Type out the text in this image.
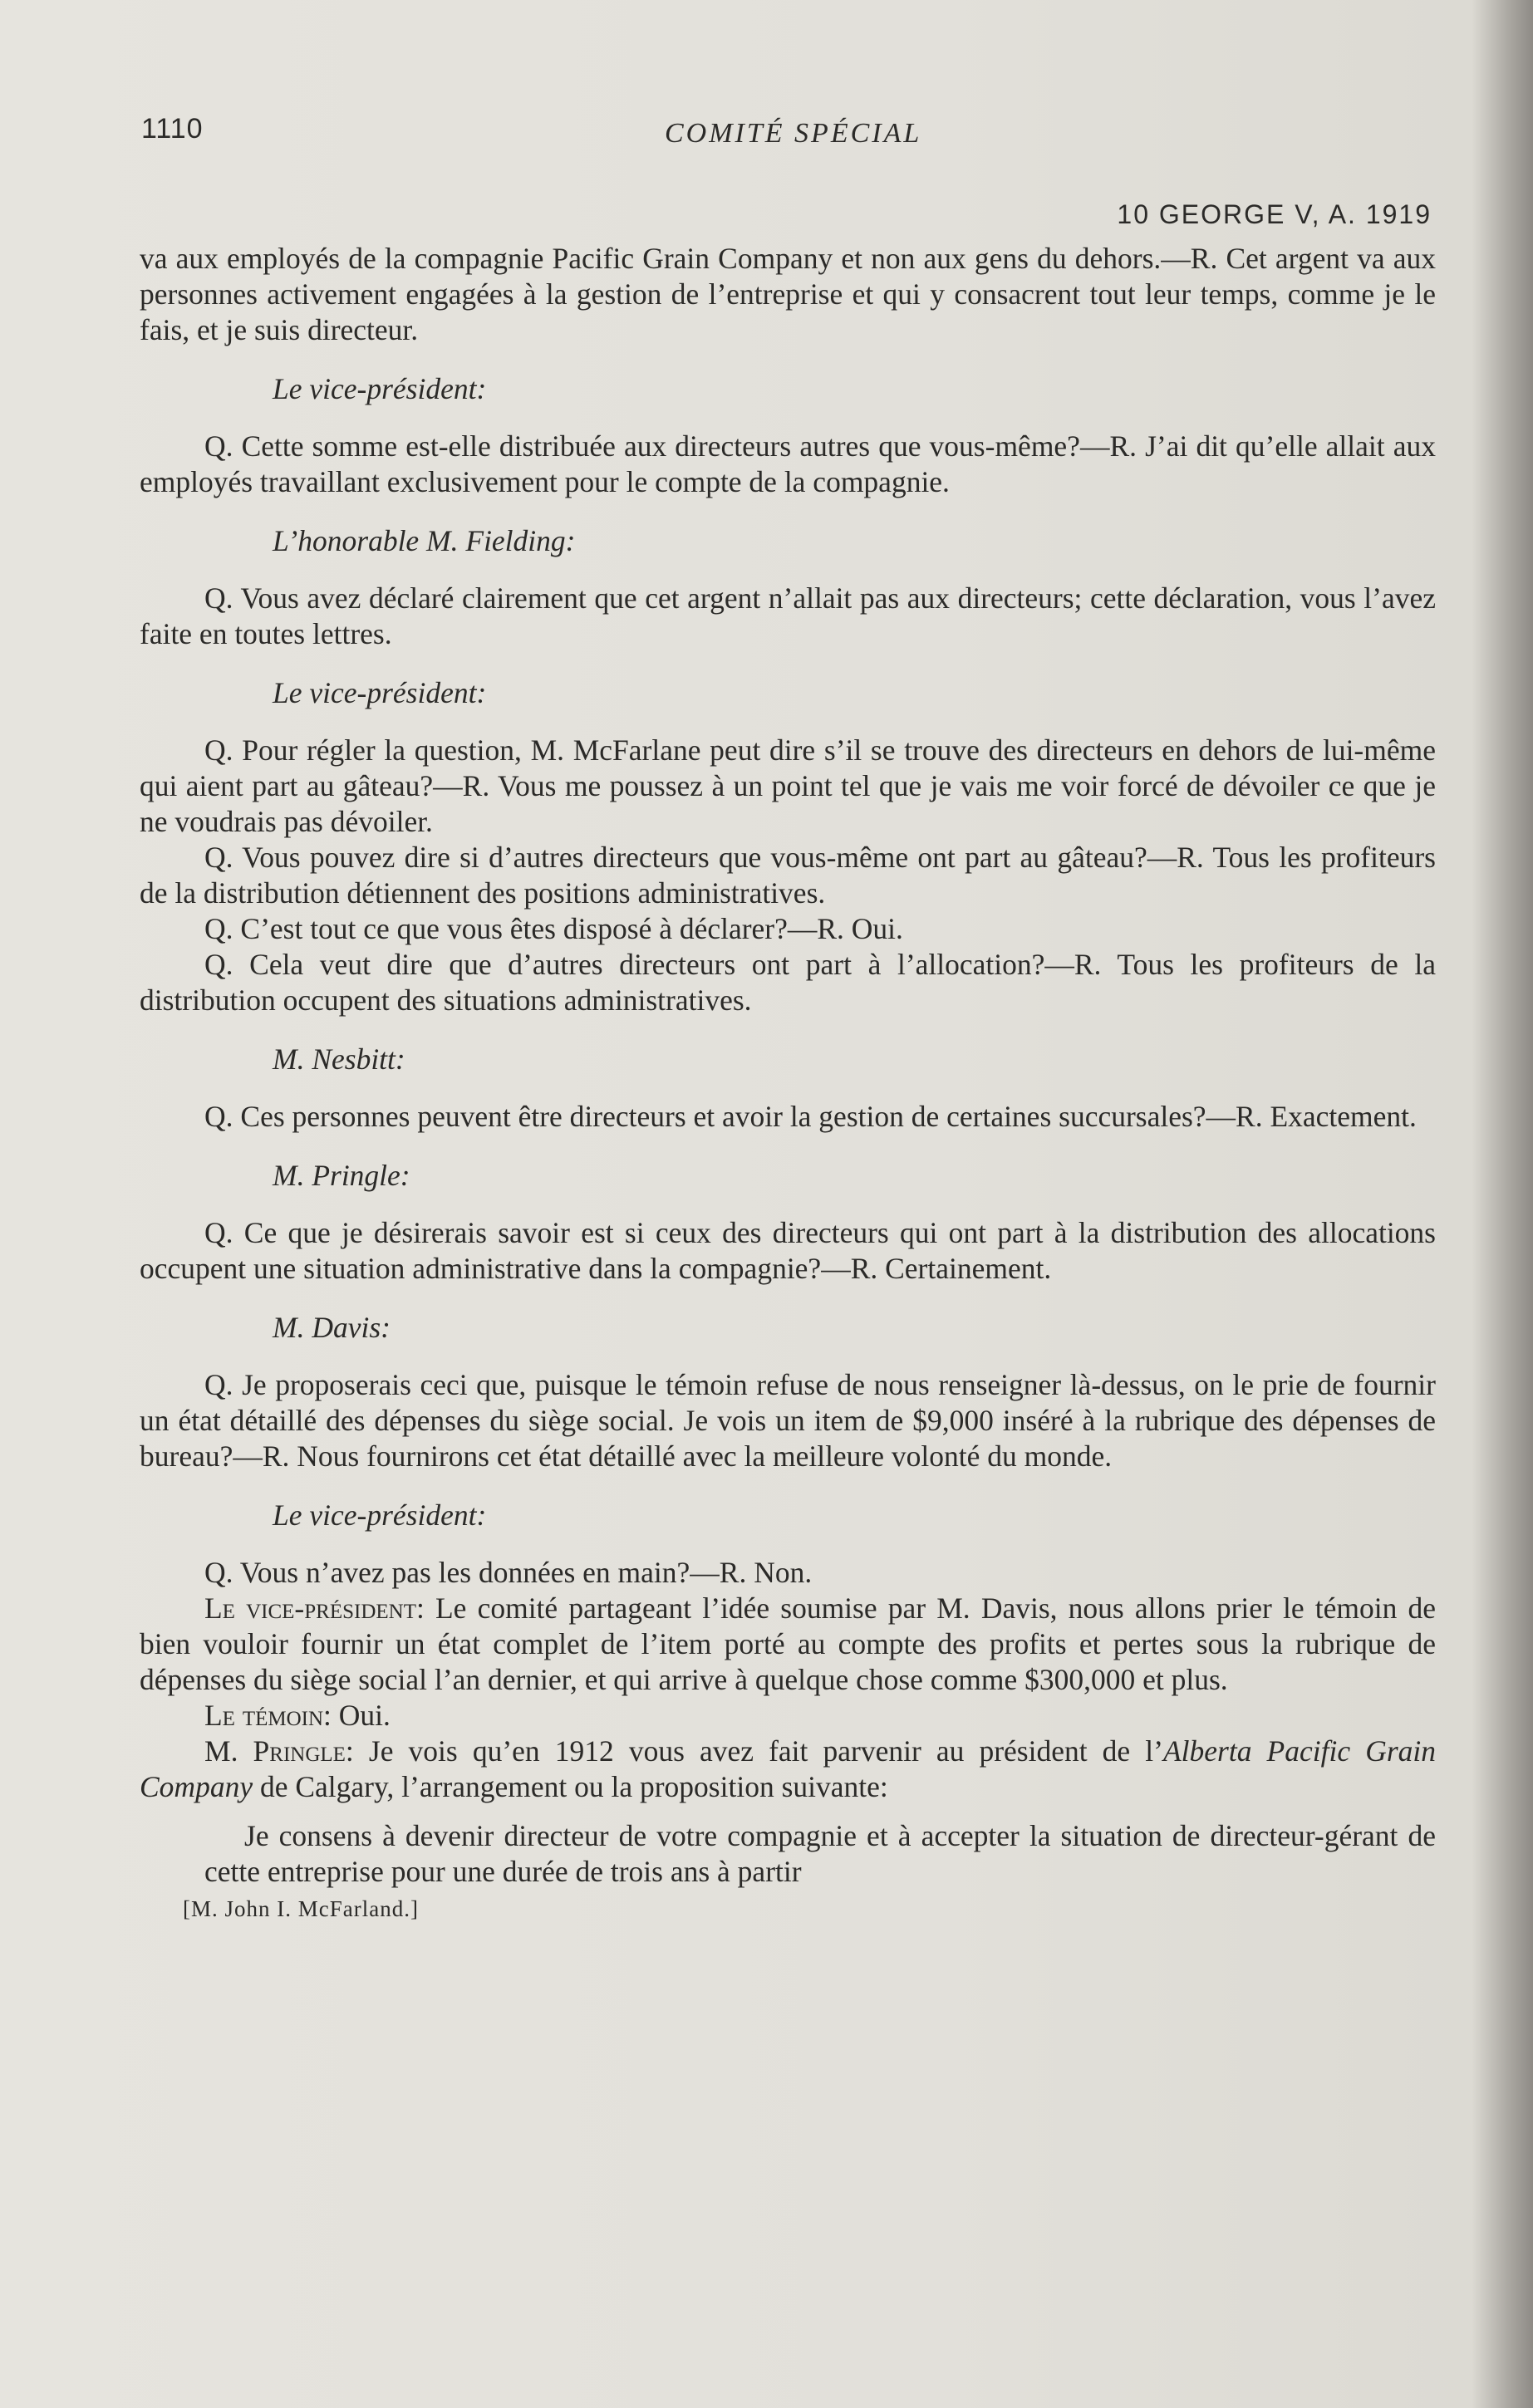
1110	COMITÉ SPÉCIAL
10 GEORGE V, A. 1919

va aux employés de la compagnie Pacific Grain Company et non aux gens du dehors.—R. Cet argent va aux personnes activement engagées à la gestion de l’entreprise et qui y consacrent tout leur temps, comme je le fais, et je suis directeur.

Le vice-président:

Q. Cette somme est-elle distribuée aux directeurs autres que vous-même?—R. J’ai dit qu’elle allait aux employés travaillant exclusivement pour le compte de la compagnie.

L’honorable M. Fielding:

Q. Vous avez déclaré clairement que cet argent n’allait pas aux directeurs; cette déclaration, vous l’avez faite en toutes lettres.

Le vice-président:

Q. Pour régler la question, M. McFarlane peut dire s’il se trouve des directeurs en dehors de lui-même qui aient part au gâteau?—R. Vous me poussez à un point tel que je vais me voir forcé de dévoiler ce que je ne voudrais pas dévoiler.

Q. Vous pouvez dire si d’autres directeurs que vous-même ont part au gâteau?—R. Tous les profiteurs de la distribution détiennent des positions administratives.

Q. C’est tout ce que vous êtes disposé à déclarer?—R. Oui.

Q. Cela veut dire que d’autres directeurs ont part à l’allocation?—R. Tous les profiteurs de la distribution occupent des situations administratives.

M. Nesbitt:

Q. Ces personnes peuvent être directeurs et avoir la gestion de certaines succursales?—R. Exactement.

M. Pringle:

Q. Ce que je désirerais savoir est si ceux des directeurs qui ont part à la distribution des allocations occupent une situation administrative dans la compagnie?—R. Certainement.

M. Davis:

Q. Je proposerais ceci que, puisque le témoin refuse de nous renseigner là-dessus, on le prie de fournir un état détaillé des dépenses du siège social. Je vois un item de $9,000 inséré à la rubrique des dépenses de bureau?—R. Nous fournirons cet état détaillé avec la meilleure volonté du monde.

Le vice-président:

Q. Vous n’avez pas les données en main?—R. Non.

Le vice-président: Le comité partageant l’idée soumise par M. Davis, nous allons prier le témoin de bien vouloir fournir un état complet de l’item porté au compte des profits et pertes sous la rubrique de dépenses du siège social l’an dernier, et qui arrive à quelque chose comme $300,000 et plus.

Le témoin: Oui.

M. Pringle: Je vois qu’en 1912 vous avez fait parvenir au président de l’Alberta Pacific Grain Company de Calgary, l’arrangement ou la proposition suivante:

Je consens à devenir directeur de votre compagnie et à accepter la situation de directeur-gérant de cette entreprise pour une durée de trois ans à partir

[M. John I. McFarland.]
